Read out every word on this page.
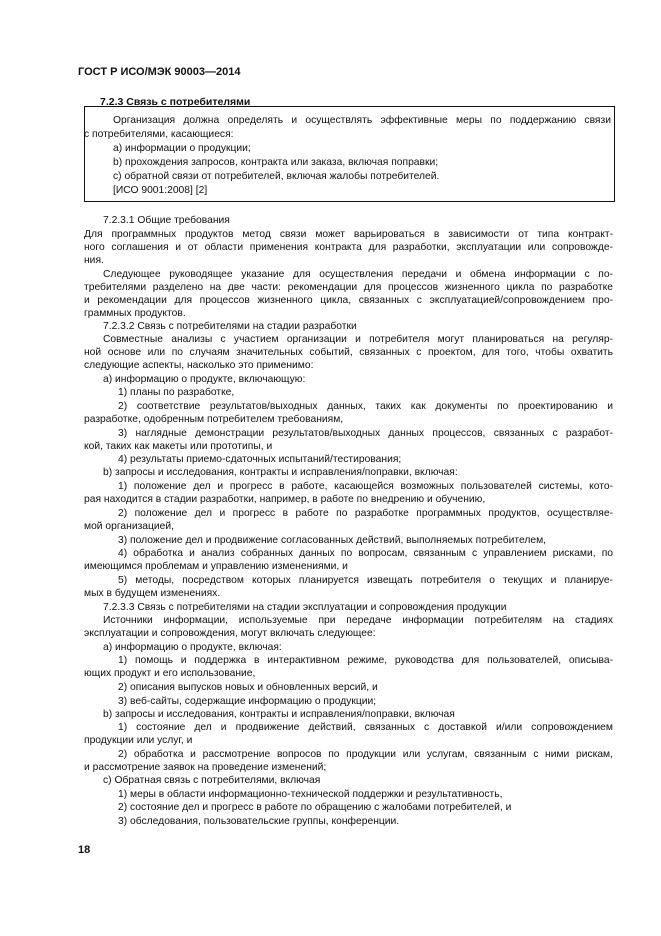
ГОСТ Р ИСО/МЭК 90003—2014
7.2.3 Связь с потребителями
7.2.3.1 Общие требования
Для программных продуктов метод связи может варьироваться в зависимости от типа контракт-
ного соглашения и от области применения контракта для разработки, эксплуатации или сопровожде-
ния.
Следующее руководящее указание для осуществления передачи и обмена информации с по-
требителями разделено на две части: рекомендации для процессов жизненного цикла по разработке
и рекомендации для процессов жизненного цикла, связанных с эксплуатацией/сопровождением про-
граммных продуктов.
7.2.3.2 Связь с потребителями на стадии разработки
Совместные анализы с участием организации и потребителя могут планироваться на регуляр-
ной основе или по случаям значительных событий, связанных с проектом, для того, чтобы охватить
следующие аспекты, насколько это применимо:
a) информацию о продукте, включающую:
1) планы по разработке,
2) соответствие результатов/выходных данных, таких как документы по проектированию и
разработке, одобренным потребителем требованиям,
3) наглядные демонстрации результатов/выходных данных процессов, связанных с разработ-
кой, таких как макеты или прототипы, и
4) результаты приемо-сдаточных испытаний/тестирования;
b) запросы и исследования, контракты и исправления/поправки, включая:
1) положение дел и прогресс в работе, касающейся возможных пользователей системы, кото-
рая находится в стадии разработки, например, в работе по внедрению и обучению,
2) положение дел и прогресс в работе по разработке программных продуктов, осуществляе-
мой организацией,
3) положение дел и продвижение согласованных действий, выполняемых потребителем,
4) обработка и анализ собранных данных по вопросам, связанным с управлением рисками, по
имеющимся проблемам и управлению изменениями, и
5) методы, посредством которых планируется извещать потребителя о текущих и планируе-
мых в будущем изменениях.
7.2.3.3 Связь с потребителями на стадии эксплуатации и сопровождения продукции
Источники информации, используемые при передаче информации потребителям на стадиях
эксплуатации и сопровождения, могут включать следующее:
a) информацию о продукте, включая:
1) помощь и поддержка в интерактивном режиме, руководства для пользователей, описыва-
ющих продукт и его использование,
2) описания выпусков новых и обновленных версий, и
3) веб-сайты, содержащие информацию о продукции;
b) запросы и исследования, контракты и исправления/поправки, включая
1) состояние дел и продвижение действий, связанных с доставкой и/или сопровождением
продукции или услуг, и
2) обработка и рассмотрение вопросов по продукции или услугам, связанным с ними рискам,
и рассмотрение заявок на проведение изменений;
c) Обратная связь с потребителями, включая
1) меры в области информационно-технической поддержки и результативность,
2) состояние дел и прогресс в работе по обращению с жалобами потребителей, и
3) обследования, пользовательские группы, конференции.
18
Организация должна определять и осуществлять эффективные меры по поддержанию связи
с потребителями, касающиеся:
a) информации о продукции;
b) прохождения запросов, контракта или заказа, включая поправки;
c) обратной связи от потребителей, включая жалобы потребителей.
[ИСО 9001:2008] [2]
